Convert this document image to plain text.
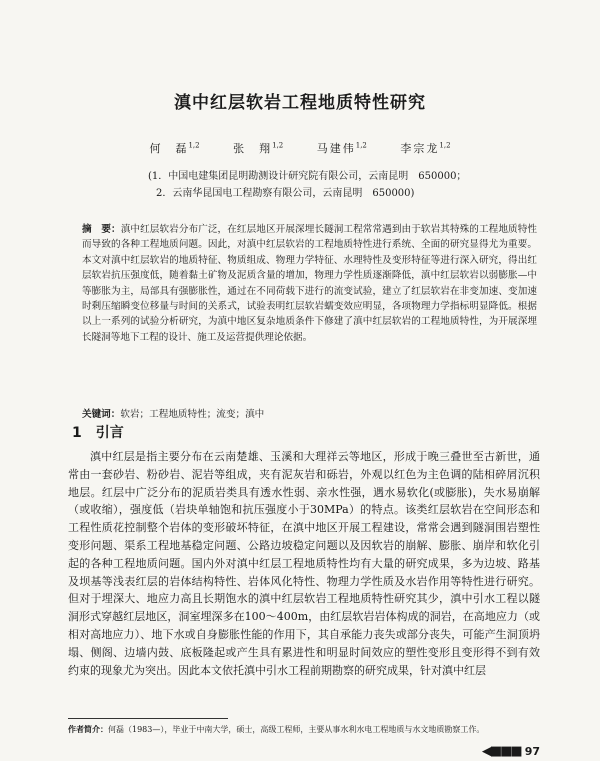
滇中红层软岩工程地质特性研究
何　磊$^{1,2}$	张　翔$^{1,2}$	马建伟$^{1,2}$	李宗龙$^{1,2}$
(1．中国电建集团昆明勘测设计研究院有限公司，云南昆明　650000；
2．云南华昆国电工程勘察有限公司，云南昆明　650000)
摘　要：滇中红层软岩分布广泛，在红层地区开展深埋长隧洞工程常常遇到由于软岩其特殊的工程地质特性而导致的各种工程地质问题。因此，对滇中红层软岩的工程地质特性进行系统、全面的研究显得尤为重要。本文对滇中红层软岩的地质特征、物质组成、物理力学特征、水理特性及变形特征等进行深入研究，得出红层软岩抗压强度低，随着黏土矿物及泥质含量的增加，物理力学性质逐渐降低，滇中红层软岩以弱膨胀—中等膨胀为主，局部具有强膨胀性，通过在不同荷载下进行的流变试验，建立了红层软岩在非变加速、变加速时剩压缩瞬变位移量与时间的关系式，试验表明红层软岩蠕变效应明显，各项物理力学指标明显降低。根据以上一系列的试验分析研究，为滇中地区复杂地质条件下修建了滇中红层软岩的工程地质特性，为开展深埋长隧洞等地下工程的设计、施工及运营提供理论依据。
关键词：软岩；工程地质特性；流变；滇中
1 引言
滇中红层是指主要分布在云南楚雄、玉溪和大理祥云等地区，形成于晚三叠世至古新世，通常由一套砂岩、粉砂岩、泥岩等组成，夹有泥灰岩和砾岩，外观以红色为主色调的陆相碎屑沉积地层。红层中广泛分布的泥质岩类具有透水性弱、亲水性强，遇水易软化(或膨胀)，失水易崩解（或收缩），强度低（岩块单轴饱和抗压强度小于30MPa）的特点。该类红层软岩在空间形态和工程性质花控制整个岩体的变形破坏特征，在滇中地区开展工程建设，常常会遇到隧洞围岩塑性变形问题、渠系工程地基稳定问题、公路边坡稳定问题以及因软岩的崩解、膨胀、崩岸和软化引起的各种工程地质问题。国内外对滇中红层工程地质特性均有大量的研究成果，多为边坡、路基及坝基等浅表红层的岩体结构特性、岩体风化特性、物理力学性质及水岩作用等特性进行研究。但对于埋深大、地应力高且长期饱水的滇中红层软岩工程地质特性研究其少，滇中引水工程以隧洞形式穿越红层地区，洞室埋深多在100～400m，由红层软岩岩体构成的洞岩，在高地应力（或相对高地应力）、地下水或自身膨胀性能的作用下，其自承能力丧失或部分丧失，可能产生洞顶坍塌、侧阁、边墙内鼓、底板隆起或产生具有累进性和明显时间效应的塑性变形且变形得不到有效约束的现象尤为突出。因此本文依托滇中引水工程前期勘察的研究成果，针对滇中红层
作者简介：何磊（1983—），毕业于中南大学，硕士，高级工程师，主要从事水利水电工程地质与水文地质勘察工作。
◀■■■ 97
